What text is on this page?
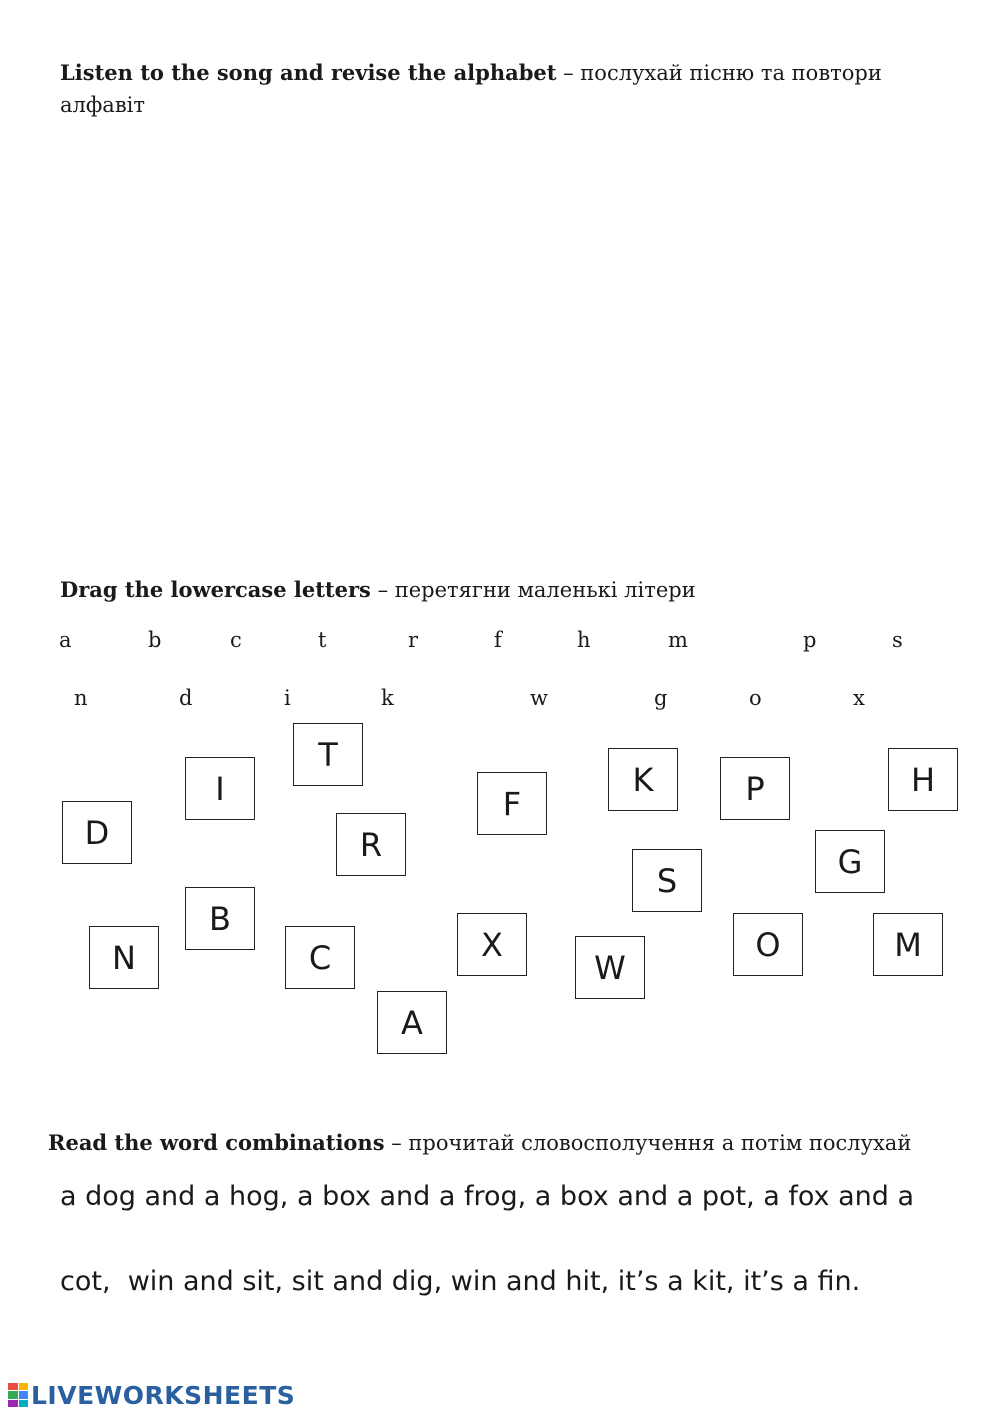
Listen to the song and revise the alphabet – послухай пісню та повтори алфавіт
Drag the lowercase letters – перетягни маленькі літери
a	b	c	t	r	f	h	m	p	s
n	d	i	k	w	g	o	x
T
I	F
K	P	H
D	R	G
S
B
X	O	M
N	C	W
A
Read the word combinations – прочитай словосполучення а потім послухай
a dog and a hog, a box and a frog, a box and a pot, a fox and a
cot,  win and sit, sit and dig, win and hit, it’s a kit, it’s a fin.
LIVEWORKSHEETS
